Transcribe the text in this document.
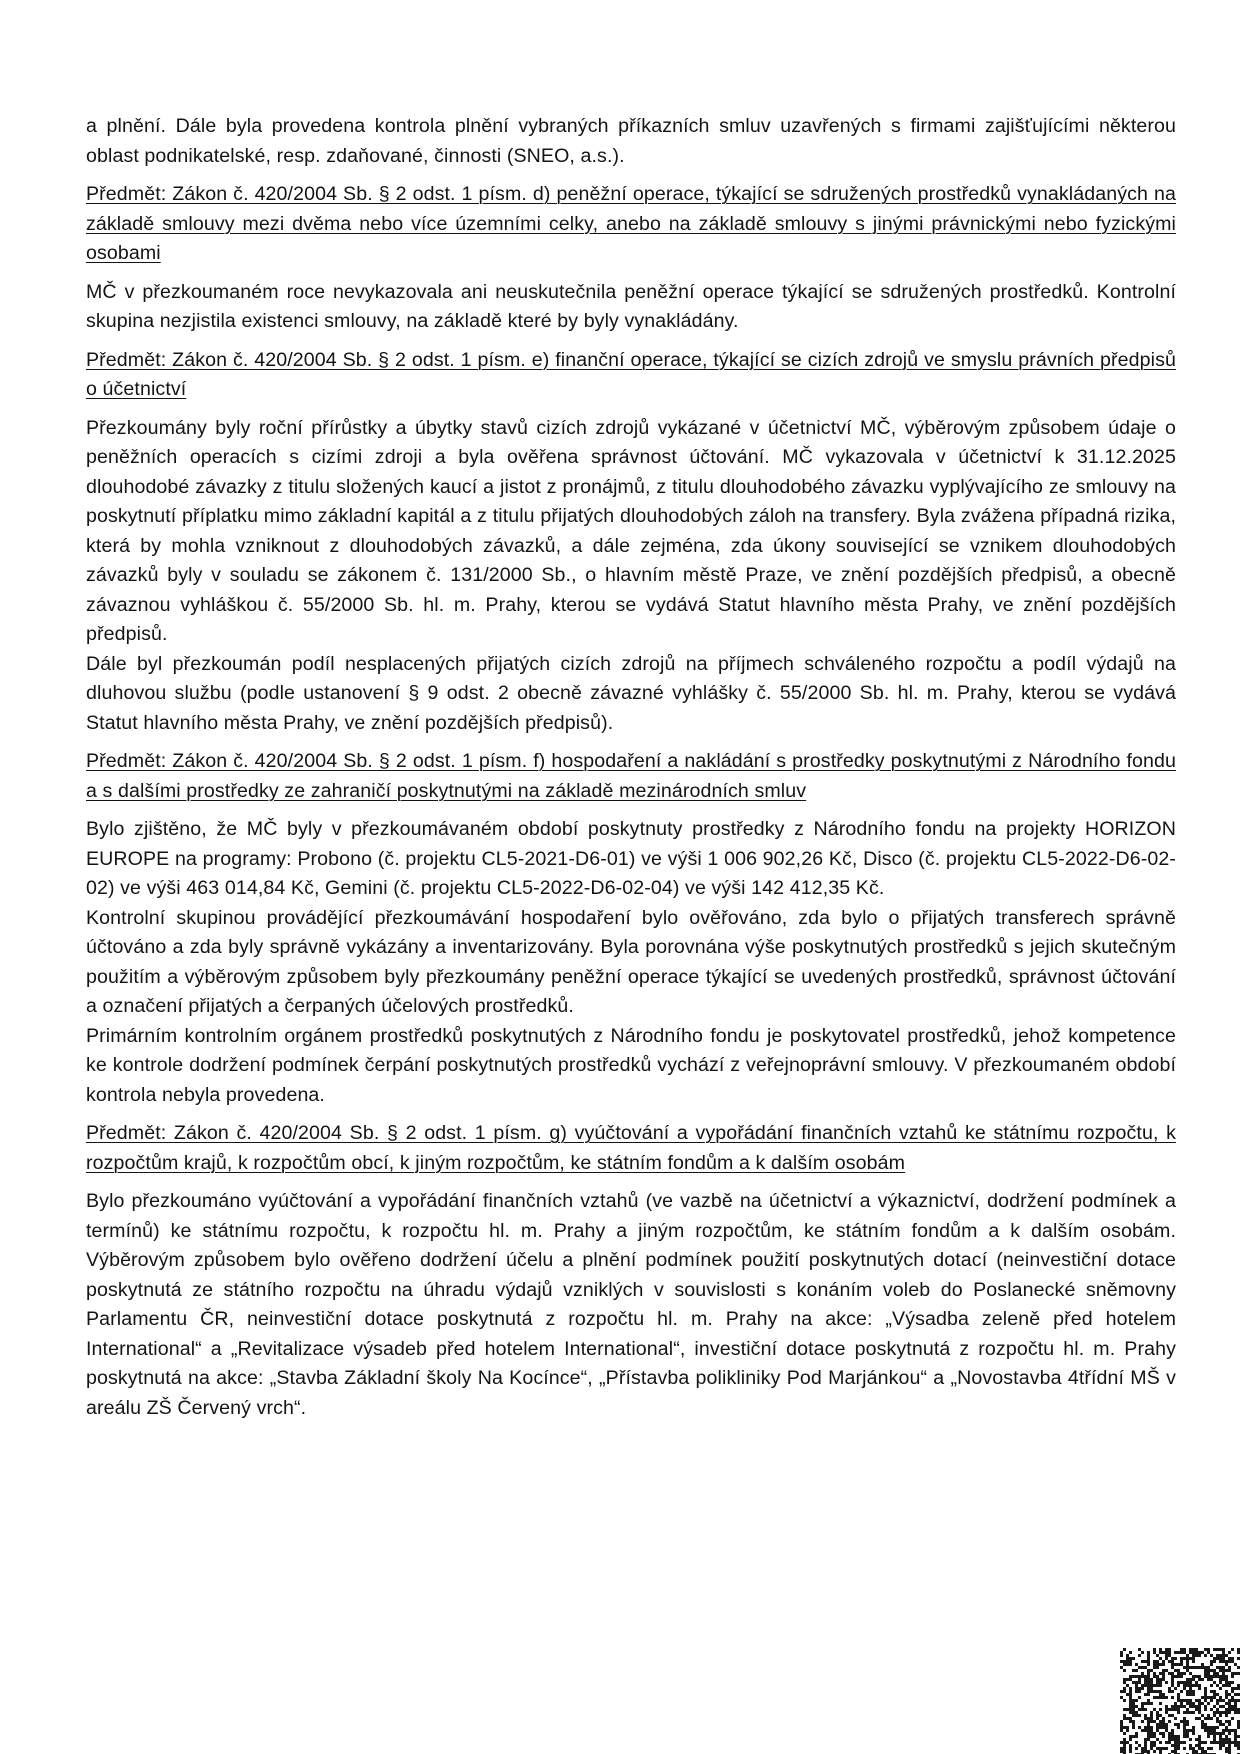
a plnění. Dále byla provedena kontrola plnění vybraných příkazních smluv uzavřených s firmami zajišťujícími některou oblast podnikatelské, resp. zdaňované, činnosti (SNEO, a.s.).

Předmět: Zákon č. 420/2004 Sb. § 2 odst. 1 písm. d) peněžní operace, týkající se sdružených prostředků vynakládaných na základě smlouvy mezi dvěma nebo více územními celky, anebo na základě smlouvy s jinými právnickými nebo fyzickými osobami

MČ v přezkoumaném roce nevykazovala ani neuskutečnila peněžní operace týkající se sdružených prostředků. Kontrolní skupina nezjistila existenci smlouvy, na základě které by byly vynakládány.

Předmět: Zákon č. 420/2004 Sb. § 2 odst. 1 písm. e) finanční operace, týkající se cizích zdrojů ve smyslu právních předpisů o účetnictví

Přezkoumány byly roční přírůstky a úbytky stavů cizích zdrojů vykázané v účetnictví MČ, výběrovým způsobem údaje o peněžních operacích s cizími zdroji a byla ověřena správnost účtování. MČ vykazovala v účetnictví k 31.12.2025 dlouhodobé závazky z titulu složených kaucí a jistot z pronájmů, z titulu dlouhodobého závazku vyplývajícího ze smlouvy na poskytnutí příplatku mimo základní kapitál a z titulu přijatých dlouhodobých záloh na transfery. Byla zvážena případná rizika, která by mohla vzniknout z dlouhodobých závazků, a dále zejména, zda úkony související se vznikem dlouhodobých závazků byly v souladu se zákonem č. 131/2000 Sb., o hlavním městě Praze, ve znění pozdějších předpisů, a obecně závaznou vyhláškou č. 55/2000 Sb. hl. m. Prahy, kterou se vydává Statut hlavního města Prahy, ve znění pozdějších předpisů.

Dále byl přezkoumán podíl nesplacených přijatých cizích zdrojů na příjmech schváleného rozpočtu a podíl výdajů na dluhovou službu (podle ustanovení § 9 odst. 2 obecně závazné vyhlášky č. 55/2000 Sb. hl. m. Prahy, kterou se vydává Statut hlavního města Prahy, ve znění pozdějších předpisů).

Předmět: Zákon č. 420/2004 Sb. § 2 odst. 1 písm. f) hospodaření a nakládání s prostředky poskytnutými z Národního fondu a s dalšími prostředky ze zahraničí poskytnutými na základě mezinárodních smluv

Bylo zjištěno, že MČ byly v přezkoumávaném období poskytnuty prostředky z Národního fondu na projekty HORIZON EUROPE na programy: Probono (č. projektu CL5-2021-D6-01) ve výši 1 006 902,26 Kč, Disco (č. projektu CL5-2022-D6-02-02) ve výši 463 014,84 Kč, Gemini (č. projektu CL5-2022-D6-02-04) ve výši 142 412,35 Kč.

Kontrolní skupinou provádějící přezkoumávání hospodaření bylo ověřováno, zda bylo o přijatých transferech správně účtováno a zda byly správně vykázány a inventarizovány. Byla porovnána výše poskytnutých prostředků s jejich skutečným použitím a výběrovým způsobem byly přezkoumány peněžní operace týkající se uvedených prostředků, správnost účtování a označení přijatých a čerpaných účelových prostředků.

Primárním kontrolním orgánem prostředků poskytnutých z Národního fondu je poskytovatel prostředků, jehož kompetence ke kontrole dodržení podmínek čerpání poskytnutých prostředků vychází z veřejnoprávní smlouvy. V přezkoumaném období kontrola nebyla provedena.

Předmět: Zákon č. 420/2004 Sb. § 2 odst. 1 písm. g) vyúčtování a vypořádání finančních vztahů ke státnímu rozpočtu, k rozpočtům krajů, k rozpočtům obcí, k jiným rozpočtům, ke státním fondům a k dalším osobám

Bylo přezkoumáno vyúčtování a vypořádání finančních vztahů (ve vazbě na účetnictví a výkaznictví, dodržení podmínek a termínů) ke státnímu rozpočtu, k rozpočtu hl. m. Prahy a jiným rozpočtům, ke státním fondům a k dalším osobám. Výběrovým způsobem bylo ověřeno dodržení účelu a plnění podmínek použití poskytnutých dotací (neinvestiční dotace poskytnutá ze státního rozpočtu na úhradu výdajů vzniklých v souvislosti s konáním voleb do Poslanecké sněmovny Parlamentu ČR, neinvestiční dotace poskytnutá z rozpočtu hl. m. Prahy na akce: „Výsadba zeleně před hotelem International“ a „Revitalizace výsadeb před hotelem International“, investiční dotace poskytnutá z rozpočtu hl. m. Prahy poskytnutá na akce: „Stavba Základní školy Na Kocínce“, „Přístavba polikliniky Pod Marjánkou“ a „Novostavba 4třídní MŠ v areálu ZŠ Červený vrch“.
